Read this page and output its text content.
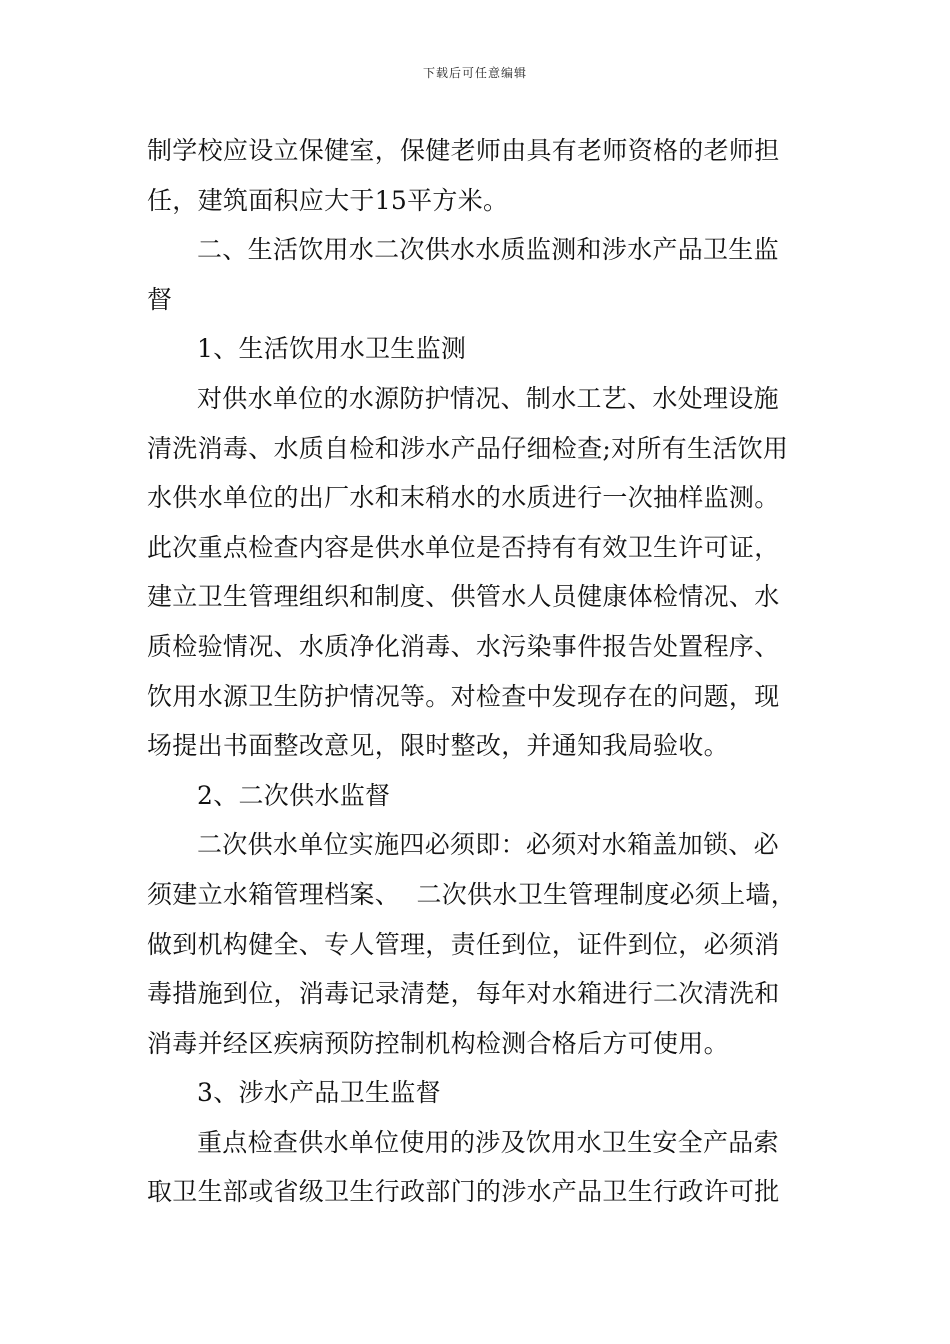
下载后可任意编辑
制学校应设立保健室，保健老师由具有老师资格的老师担
任，建筑面积应大于15平方米。
二、生活饮用水二次供水水质监测和涉水产品卫生监
督
1、生活饮用水卫生监测
对供水单位的水源防护情况、制水工艺、水处理设施
清洗消毒、水质自检和涉水产品仔细检查;对所有生活饮用
水供水单位的出厂水和末稍水的水质进行一次抽样监测。
此次重点检查内容是供水单位是否持有有效卫生许可证，
建立卫生管理组织和制度、供管水人员健康体检情况、水
质检验情况、水质净化消毒、水污染事件报告处置程序、
饮用水源卫生防护情况等。对检查中发现存在的问题，现
场提出书面整改意见，限时整改，并通知我局验收。
2、二次供水监督
二次供水单位实施四必须即：必须对水箱盖加锁、必
须建立水箱管理档案、  二次供水卫生管理制度必须上墙，
做到机构健全、专人管理，责任到位，证件到位，必须消
毒措施到位，消毒记录清楚，每年对水箱进行二次清洗和
消毒并经区疾病预防控制机构检测合格后方可使用。
3、涉水产品卫生监督
重点检查供水单位使用的涉及饮用水卫生安全产品索
取卫生部或省级卫生行政部门的涉水产品卫生行政许可批
